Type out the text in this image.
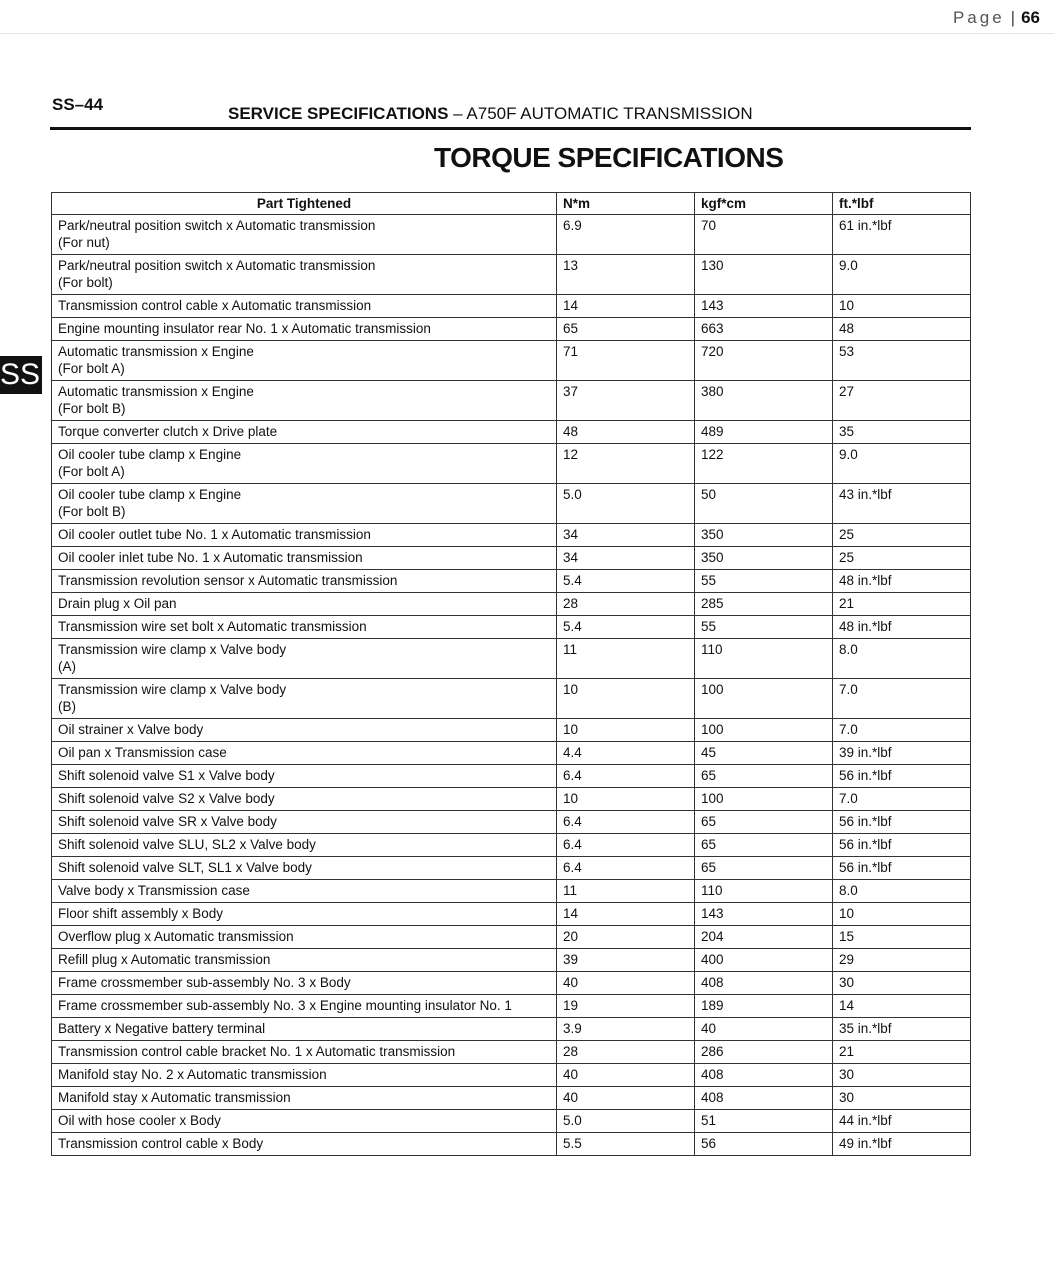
Page | 66
SS–44	SERVICE SPECIFICATIONS – A750F AUTOMATIC TRANSMISSION
TORQUE SPECIFICATIONS
SS
Part Tightened	N*m	kgf*cm	ft.*lbf

Park/neutral position switch x Automatic transmission
(For nut)	6.9	70	61 in.*lbf

Park/neutral position switch x Automatic transmission
(For bolt)	13	130	9.0

Transmission control cable x Automatic transmission	14	143	10

Engine mounting insulator rear No. 1 x Automatic transmission	65	663	48

Automatic transmission x Engine
(For bolt A)	71	720	53

Automatic transmission x Engine
(For bolt B)	37	380	27

Torque converter clutch x Drive plate	48	489	35

Oil cooler tube clamp x Engine
(For bolt A)	12	122	9.0

Oil cooler tube clamp x Engine
(For bolt B)	5.0	50	43 in.*lbf

Oil cooler outlet tube No. 1 x Automatic transmission	34	350	25

Oil cooler inlet tube No. 1 x Automatic transmission	34	350	25

Transmission revolution sensor x Automatic transmission	5.4	55	48 in.*lbf

Drain plug x Oil pan	28	285	21

Transmission wire set bolt x Automatic transmission	5.4	55	48 in.*lbf

Transmission wire clamp x Valve body
(A)	11	110	8.0

Transmission wire clamp x Valve body
(B)	10	100	7.0

Oil strainer x Valve body	10	100	7.0

Oil pan x Transmission case	4.4	45	39 in.*lbf

Shift solenoid valve S1 x Valve body	6.4	65	56 in.*lbf

Shift solenoid valve S2 x Valve body	10	100	7.0

Shift solenoid valve SR x Valve body	6.4	65	56 in.*lbf

Shift solenoid valve SLU, SL2 x Valve body	6.4	65	56 in.*lbf

Shift solenoid valve SLT, SL1 x Valve body	6.4	65	56 in.*lbf

Valve body x Transmission case	11	110	8.0

Floor shift assembly x Body	14	143	10

Overflow plug x Automatic transmission	20	204	15

Refill plug x Automatic transmission	39	400	29

Frame crossmember sub-assembly No. 3 x Body	40	408	30

Frame crossmember sub-assembly No. 3 x Engine mounting insulator No. 1	19	189	14

Battery x Negative battery terminal	3.9	40	35 in.*lbf

Transmission control cable bracket No. 1 x Automatic transmission	28	286	21

Manifold stay No. 2 x Automatic transmission	40	408	30

Manifold stay x Automatic transmission	40	408	30

Oil with hose cooler x Body	5.0	51	44 in.*lbf

Transmission control cable x Body	5.5	56	49 in.*lbf
